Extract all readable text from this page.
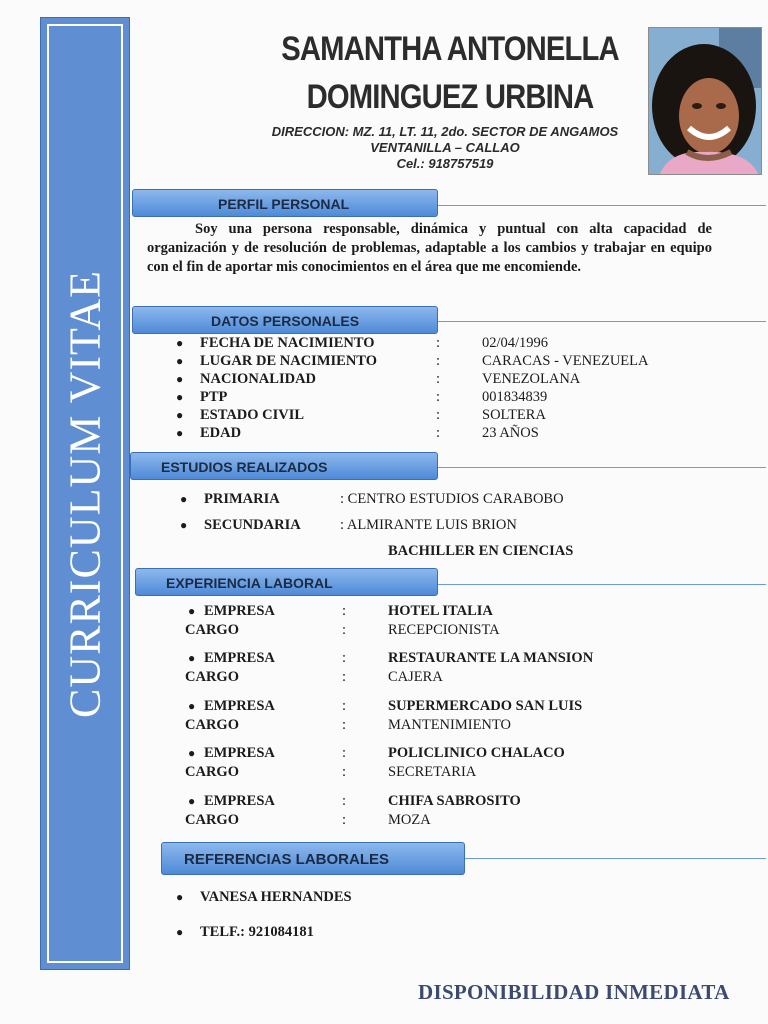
CURRICULUM VITAE
SAMANTHA ANTONELLA
DOMINGUEZ URBINA
DIRECCION: MZ. 11, LT. 11, 2do. SECTOR DE ANGAMOS
VENTANILLA – CALLAO
Cel.: 918757519
PERFIL PERSONAL
Soy una persona responsable, dinámica y puntual con alta capacidad de organización y de resolución de problemas, adaptable a los cambios y trabajar en equipo con el fin de aportar mis conocimientos en el área que me encomiende.
DATOS PERSONALES
● FECHA DE NACIMIENTO	:	02/04/1996
● LUGAR DE NACIMIENTO	:	CARACAS - VENEZUELA
● NACIONALIDAD	:	VENEZOLANA
● PTP	:	001834839
● ESTADO CIVIL	:	SOLTERA
● EDAD	:	23 AÑOS
ESTUDIOS REALIZADOS
● PRIMARIA	: CENTRO ESTUDIOS CARABOBO
● SECUNDARIA	: ALMIRANTE LUIS BRION
BACHILLER EN CIENCIAS
EXPERIENCIA LABORAL
● EMPRESA	:	HOTEL ITALIA
CARGO	:	RECEPCIONISTA
● EMPRESA	:	RESTAURANTE LA MANSION
CARGO	:	CAJERA
● EMPRESA	:	SUPERMERCADO SAN LUIS
CARGO	:	MANTENIMIENTO
● EMPRESA	:	POLICLINICO CHALACO
CARGO	:	SECRETARIA
● EMPRESA	:	CHIFA SABROSITO
CARGO	:	MOZA
REFERENCIAS LABORALES
● VANESA HERNANDES
● TELF.: 921084181
DISPONIBILIDAD INMEDIATA
